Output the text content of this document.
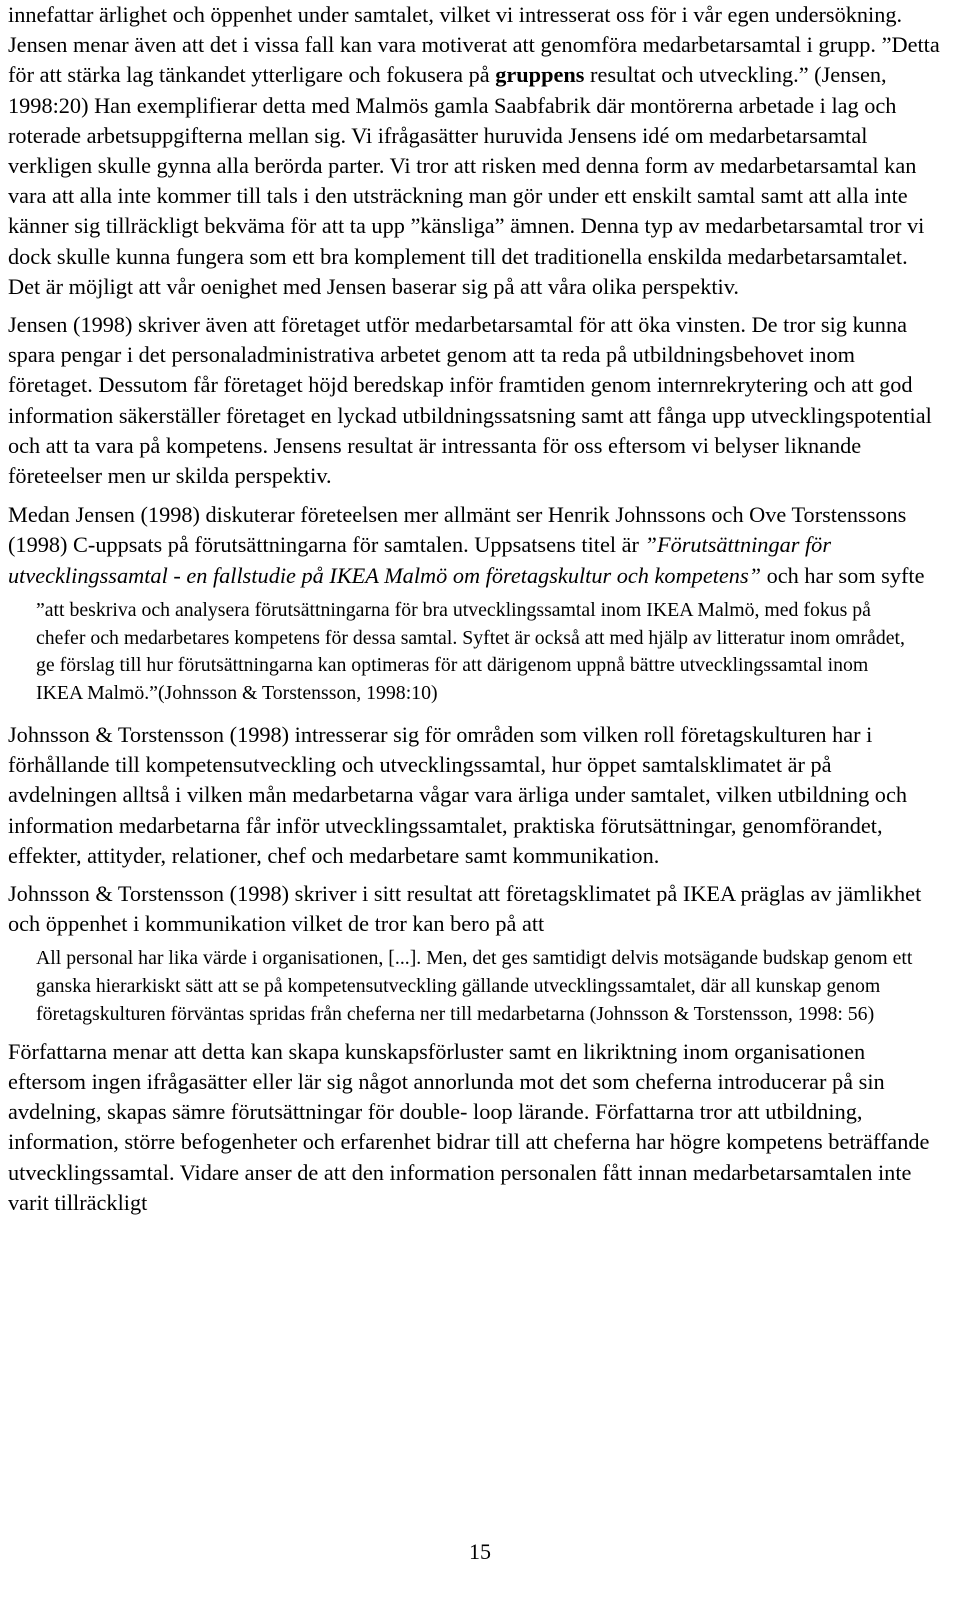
innefattar ärlighet och öppenhet under samtalet, vilket vi intresserat oss för i vår egen undersökning. Jensen menar även att det i vissa fall kan vara motiverat att genomföra medarbetarsamtal i grupp. ”Detta för att stärka lag tänkandet ytterligare och fokusera på gruppens resultat och utveckling.” (Jensen, 1998:20) Han exemplifierar detta med Malmös gamla Saabfabrik där montörerna arbetade i lag och roterade arbetsuppgifterna mellan sig. Vi ifrågasätter huruvida Jensens idé om medarbetarsamtal verkligen skulle gynna alla berörda parter. Vi tror att risken med denna form av medarbetarsamtal kan vara att alla inte kommer till tals i den utsträckning man gör under ett enskilt samtal samt att alla inte känner sig tillräckligt bekväma för att ta upp ”känsliga” ämnen. Denna typ av medarbetarsamtal tror vi dock skulle kunna fungera som ett bra komplement till det traditionella enskilda medarbetarsamtalet. Det är möjligt att vår oenighet med Jensen baserar sig på att våra olika perspektiv.

Jensen (1998) skriver även att företaget utför medarbetarsamtal för att öka vinsten. De tror sig kunna spara pengar i det personaladministrativa arbetet genom att ta reda på utbildningsbehovet inom företaget. Dessutom får företaget höjd beredskap inför framtiden genom internrekrytering och att god information säkerställer företaget en lyckad utbildningssatsning samt att fånga upp utvecklingspotential och att ta vara på kompetens. Jensens resultat är intressanta för oss eftersom vi belyser liknande företeelser men ur skilda perspektiv.

Medan Jensen (1998) diskuterar företeelsen mer allmänt ser Henrik Johnssons och Ove Torstenssons (1998) C-uppsats på förutsättningarna för samtalen. Uppsatsens titel är ”Förutsättningar för utvecklingssamtal - en fallstudie på IKEA Malmö om företagskultur och kompetens” och har som syfte

”att beskriva och analysera förutsättningarna för bra utvecklingssamtal inom IKEA Malmö, med fokus på chefer och medarbetares kompetens för dessa samtal. Syftet är också att med hjälp av litteratur inom området, ge förslag till hur förutsättningarna kan optimeras för att därigenom uppnå bättre utvecklingssamtal inom IKEA Malmö.”(Johnsson & Torstensson, 1998:10)

Johnsson & Torstensson (1998) intresserar sig för områden som vilken roll företagskulturen har i förhållande till kompetensutveckling och utvecklingssamtal, hur öppet samtalsklimatet är på avdelningen alltså i vilken mån medarbetarna vågar vara ärliga under samtalet, vilken utbildning och information medarbetarna får inför utvecklingssamtalet, praktiska förutsättningar, genomförandet, effekter, attityder, relationer, chef och medarbetare samt kommunikation.

Johnsson & Torstensson (1998) skriver i sitt resultat att företagsklimatet på IKEA präglas av jämlikhet och öppenhet i kommunikation vilket de tror kan bero på att

All personal har lika värde i organisationen, [...]. Men, det ges samtidigt delvis motsägande budskap genom ett ganska hierarkiskt sätt att se på kompetensutveckling gällande utvecklingssamtalet, där all kunskap genom företagskulturen förväntas spridas från cheferna ner till medarbetarna (Johnsson & Torstensson, 1998: 56)

Författarna menar att detta kan skapa kunskapsförluster samt en likriktning inom organisationen eftersom ingen ifrågasätter eller lär sig något annorlunda mot det som cheferna introducerar på sin avdelning, skapas sämre förutsättningar för double- loop lärande. Författarna tror att utbildning, information, större befogenheter och erfarenhet bidrar till att cheferna har högre kompetens beträffande utvecklingssamtal. Vidare anser de att den information personalen fått innan medarbetarsamtalen inte varit tillräckligt

15
